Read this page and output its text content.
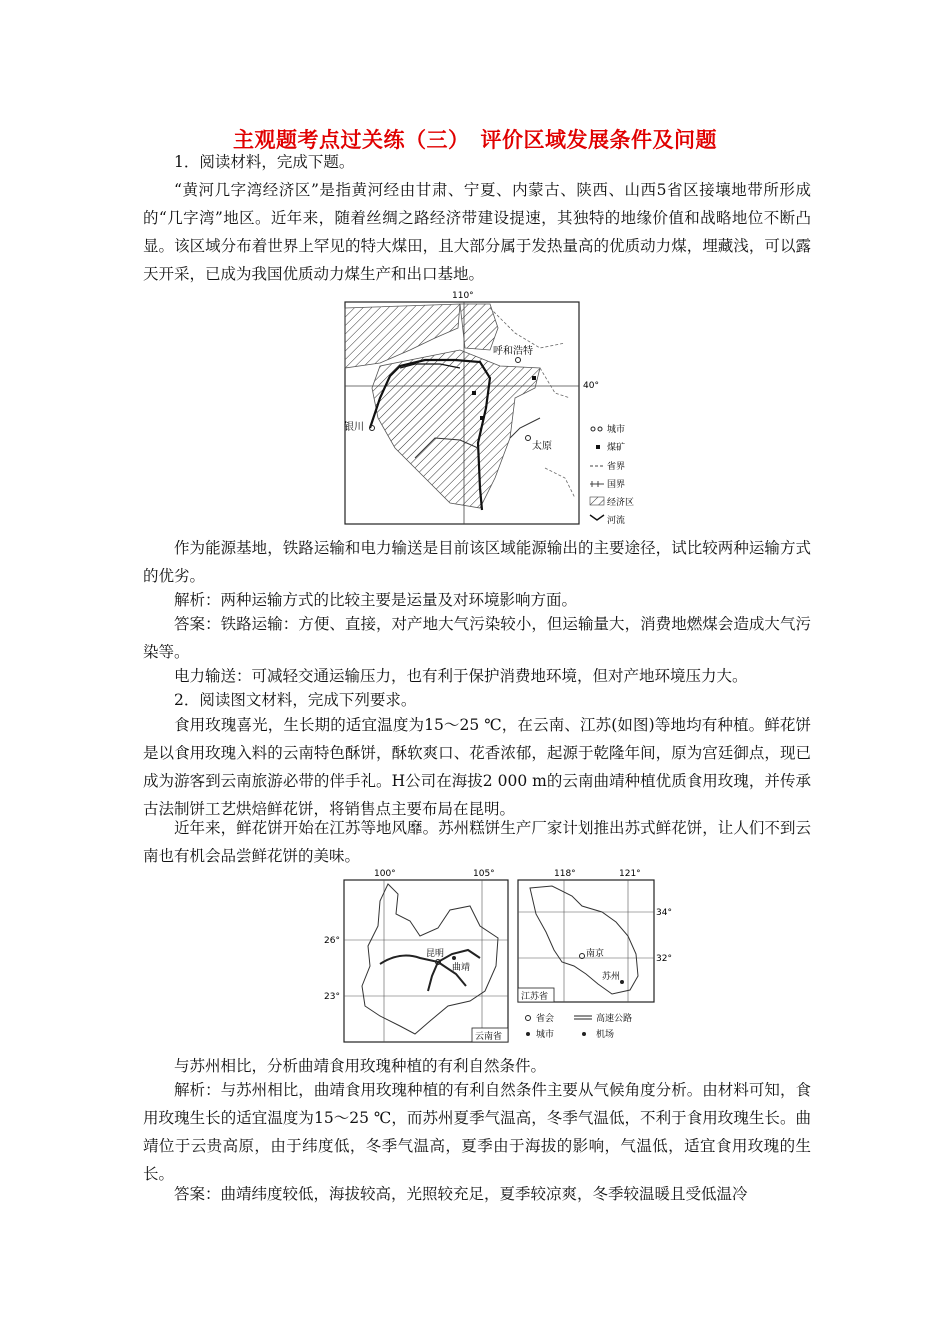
主观题考点过关练（三）　评价区域发展条件及问题
1．阅读材料，完成下题。
“黄河几字湾经济区”是指黄河经由甘肃、宁夏、内蒙古、陕西、山西5省区接壤地带所形成的“几字湾”地区。近年来，随着丝绸之路经济带建设提速，其独特的地缘价值和战略地位不断凸显。该区域分布着世界上罕见的特大煤田，且大部分属于发热量高的优质动力煤，埋藏浅，可以露天开采，已成为我国优质动力煤生产和出口基地。
110°
40°
呼和浩特
银川
太原
城市
煤矿
省界
国界
经济区
河流
作为能源基地，铁路运输和电力输送是目前该区域能源输出的主要途径，试比较两种运输方式的优劣。
解析：两种运输方式的比较主要是运量及对环境影响方面。
答案：铁路运输：方便、直接，对产地大气污染较小，但运输量大，消费地燃煤会造成大气污染等。
电力输送：可减轻交通运输压力，也有利于保护消费地环境，但对产地环境压力大。
2．阅读图文材料，完成下列要求。
食用玫瑰喜光，生长期的适宜温度为15～25 ℃，在云南、江苏(如图)等地均有种植。鲜花饼是以食用玫瑰入料的云南特色酥饼，酥软爽口、花香浓郁，起源于乾隆年间，原为宫廷御点，现已成为游客到云南旅游必带的伴手礼。H公司在海拔2 000 m的云南曲靖种植优质食用玫瑰，并传承古法制饼工艺烘焙鲜花饼，将销售点主要布局在昆明。
近年来，鲜花饼开始在江苏等地风靡。苏州糕饼生产厂家计划推出苏式鲜花饼，让人们不到云南也有机会品尝鲜花饼的美味。
100°	105°
26°
23°
昆明
曲靖
云南省
118°	121°
34°
32°
南京
苏州
江苏省
省会	高速公路
城市	机场
与苏州相比，分析曲靖食用玫瑰种植的有利自然条件。
解析：与苏州相比，曲靖食用玫瑰种植的有利自然条件主要从气候角度分析。由材料可知，食用玫瑰生长的适宜温度为15～25 ℃，而苏州夏季气温高，冬季气温低，不利于食用玫瑰生长。曲靖位于云贵高原，由于纬度低，冬季气温高，夏季由于海拔的影响，气温低，适宜食用玫瑰的生长。
答案：曲靖纬度较低，海拔较高，光照较充足，夏季较凉爽，冬季较温暖且受低温冷
